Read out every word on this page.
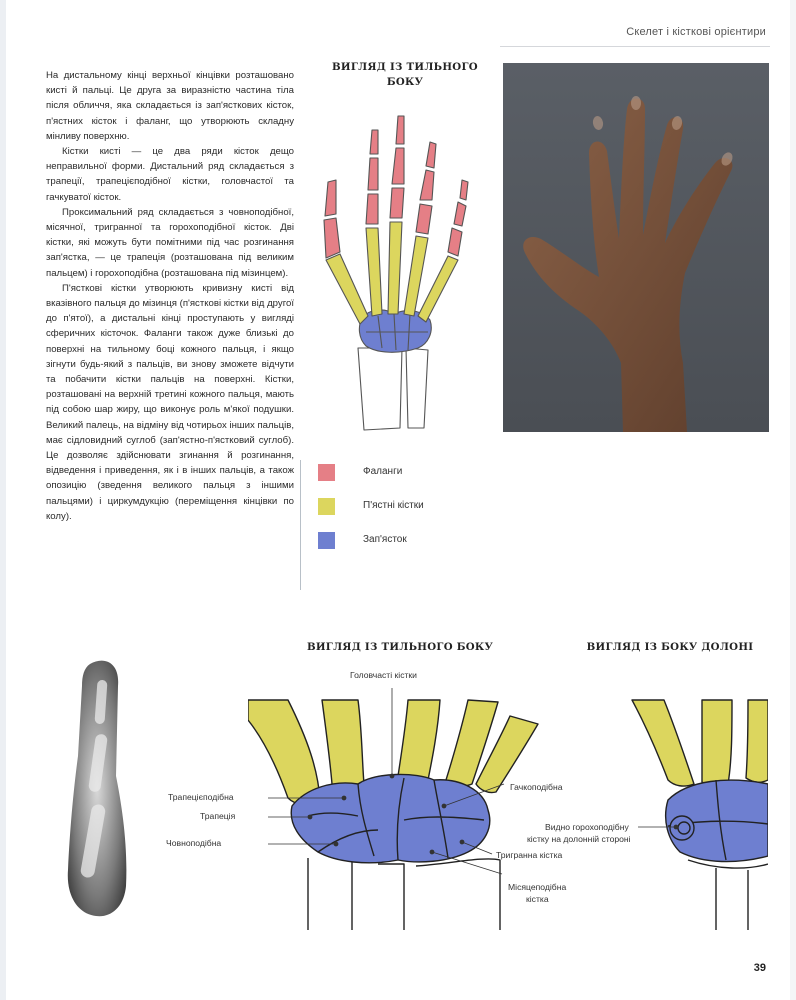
Скелет і кісткові орієнтири

На дистальному кінці верхньої кінцівки розташовано кисті й пальці. Це друга за виразністю частина тіла після обличчя, яка складається із зап'ясткових кісток, п'ястних кісток і фаланг, що утворюють складну мінливу поверхню.

Кістки кисті — це два ряди кісток дещо неправильної форми. Дистальний ряд складається з трапеції, трапецієподібної кістки, головчастої та гачкуватої кісток.

Проксимальний ряд складається з човноподібної, місячної, тригранної та горохоподібної кісток. Дві кістки, які можуть бути помітними під час розгинання зап'ястка, — це трапеція (розташована під великим пальцем) і горохоподібна (розташована під мізинцем).

П'ясткові кістки утворюють кривизну кисті від вказівного пальця до мізинця (п'ясткові кістки від другої до п'ятої), а дистальні кінці проступають у вигляді сферичних кісточок. Фаланги також дуже близькі до поверхні на тильному боці кожного пальця, і якщо зігнути будь-який з пальців, ви знову зможете відчути та побачити кістки пальців на поверхні. Кістки, розташовані на верхній третині кожного пальця, мають під собою шар жиру, що виконує роль м'якої подушки. Великий палець, на відміну від чотирьох інших пальців, має сідловидний суглоб (зап'ястно-п'ястковий суглоб). Це дозволяє здійснювати згинання й розгинання, відведення і приведення, як і в інших пальців, а також опозицію (зведення великого пальця з іншими пальцями) і циркумдукцію (переміщення кінцівки по колу).

ВИГЛЯД ІЗ ТИЛЬНОГО БОКУ
Фаланги
П'ястні кістки
Зап'ясток
ВИГЛЯД ІЗ ТИЛЬНОГО БОКУ	ВИГЛЯД ІЗ БОКУ ДОЛОНІ
Головчасті кістки
Трапецієподібна
Трапеція
Човноподібна
Гачкоподібна
Тригранна кістка
Місяцеподібна
кістка
Видно горохоподібну
кістку на долонній стороні
39
